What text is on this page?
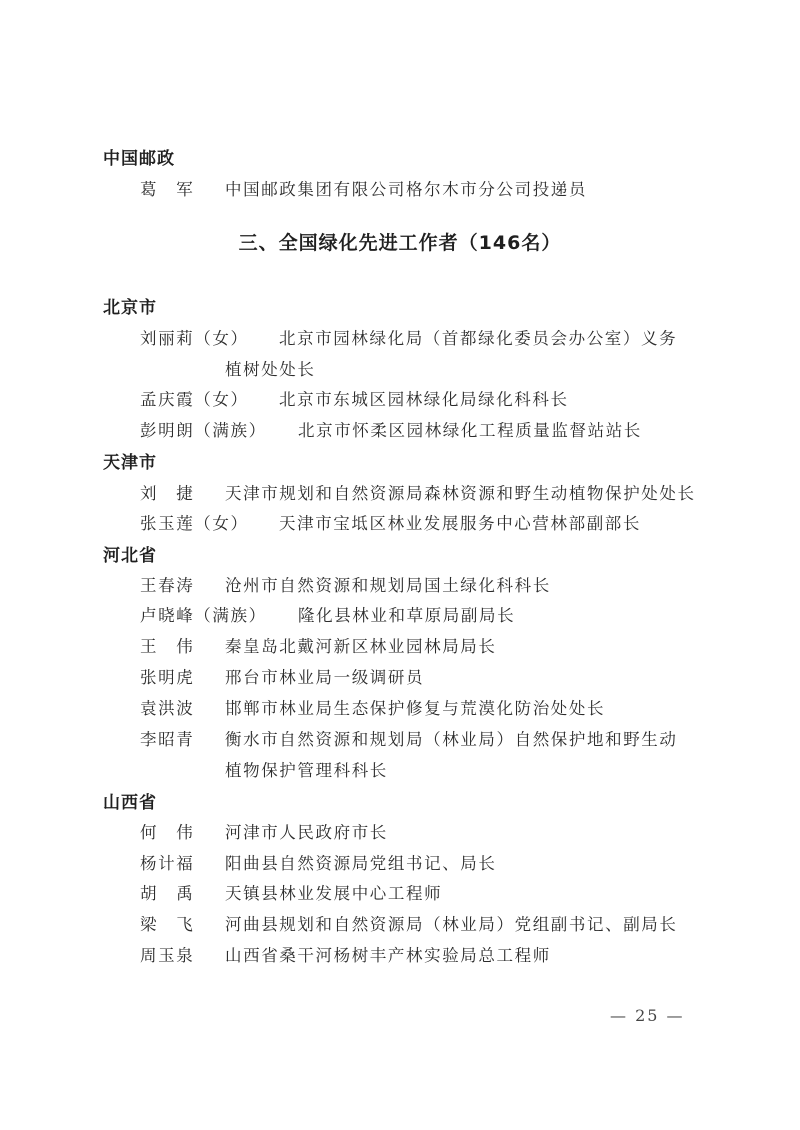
中国邮政
葛　军 中国邮政集团有限公司格尔木市分公司投递员
三、全国绿化先进工作者（146名）
北京市
刘丽莉（女） 北京市园林绿化局（首都绿化委员会办公室）义务
植树处处长
孟庆霞（女） 北京市东城区园林绿化局绿化科科长
彭明朗（满族） 北京市怀柔区园林绿化工程质量监督站站长
天津市
刘　捷 天津市规划和自然资源局森林资源和野生动植物保护处处长
张玉莲（女） 天津市宝坻区林业发展服务中心营林部副部长
河北省
王春涛 沧州市自然资源和规划局国土绿化科科长
卢晓峰（满族） 隆化县林业和草原局副局长
王　伟 秦皇岛北戴河新区林业园林局局长
张明虎 邢台市林业局一级调研员
袁洪波 邯郸市林业局生态保护修复与荒漠化防治处处长
李昭青 衡水市自然资源和规划局（林业局）自然保护地和野生动
植物保护管理科科长
山西省
何　伟 河津市人民政府市长
杨计福 阳曲县自然资源局党组书记、局长
胡　禹 天镇县林业发展中心工程师
梁　飞 河曲县规划和自然资源局（林业局）党组副书记、副局长
周玉泉 山西省桑干河杨树丰产林实验局总工程师
— 25 —
